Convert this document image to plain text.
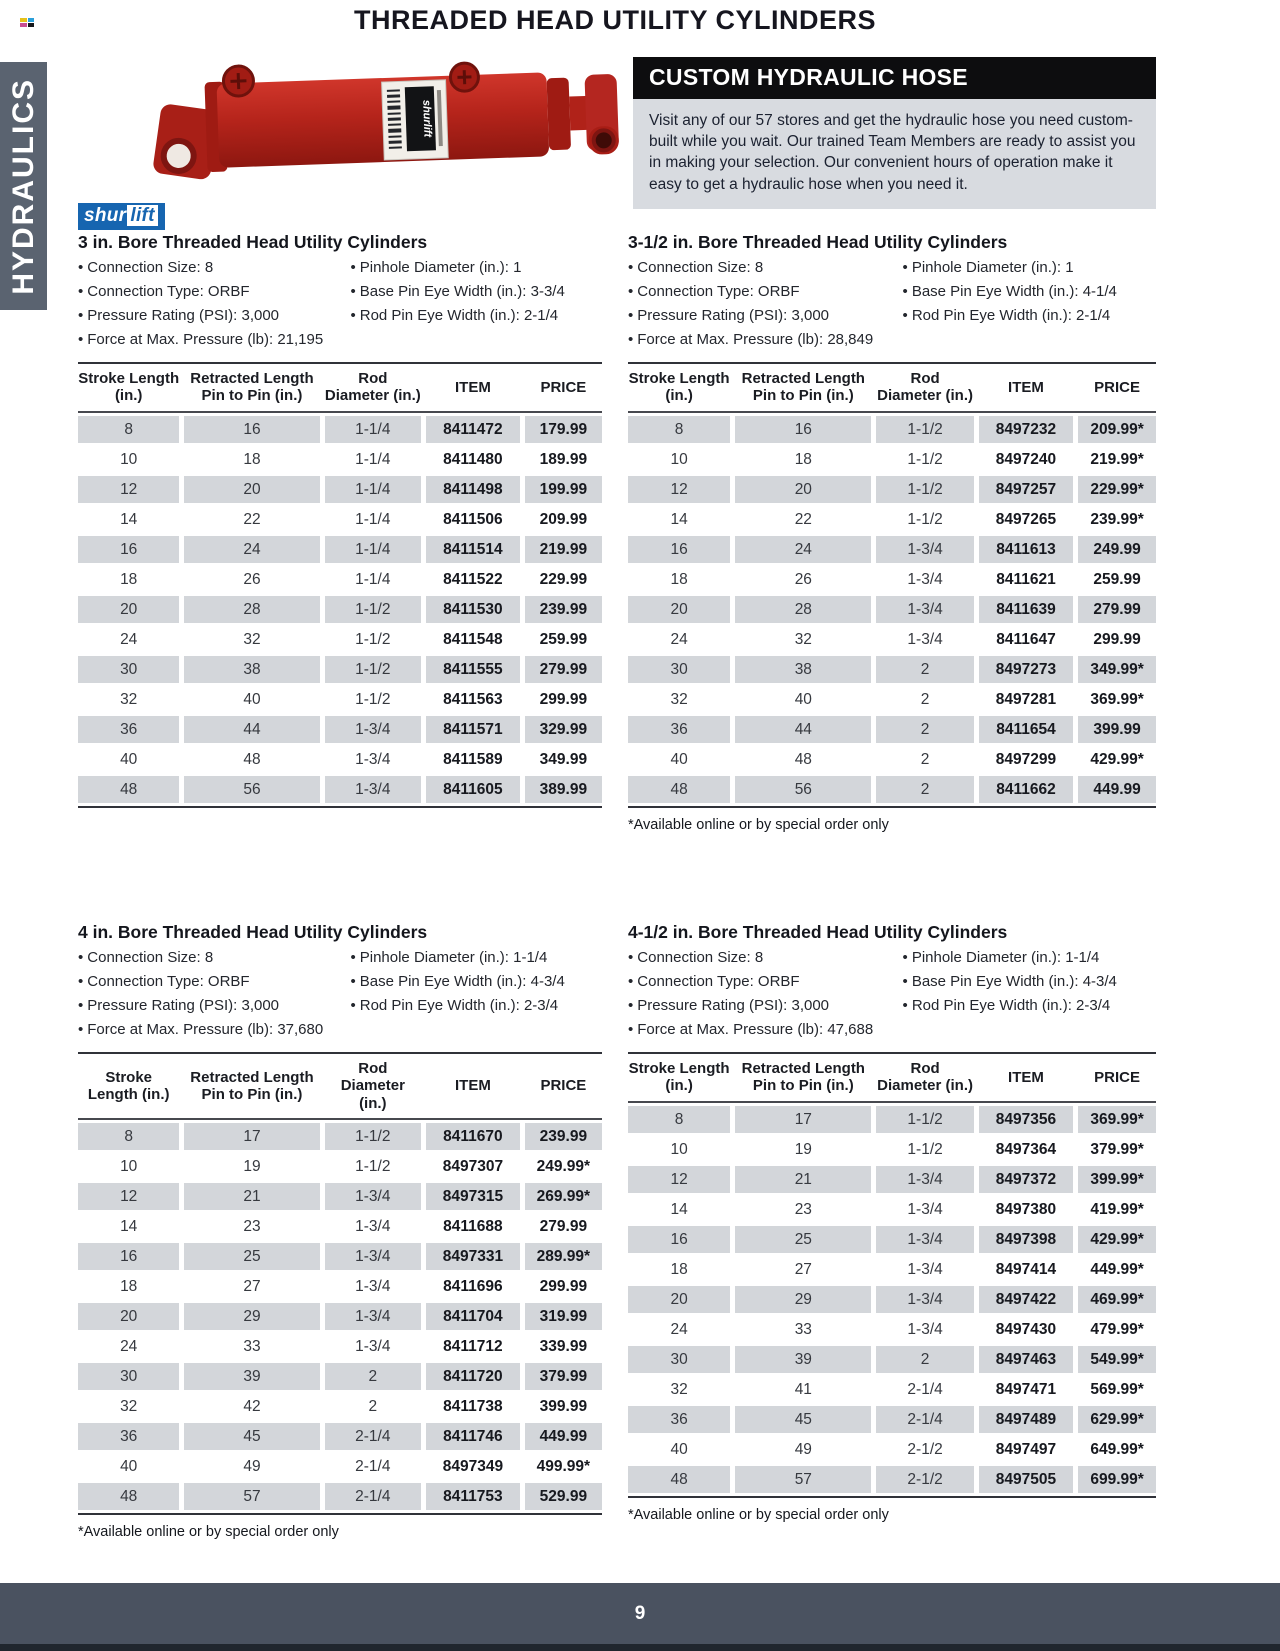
THREADED HEAD UTILITY CYLINDERS
HYDRAULICS	shurlift
CUSTOM HYDRAULIC HOSE
Visit any of our 57 stores and get the hydraulic hose you need custom-built while you wait. Our trained Team Members are ready to assist you in making your selection. Our convenient hours of operation make it easy to get a hydraulic hose when you need it.
shur lift
3 in. Bore Threaded Head Utility Cylinders
• Connection Size: 8
• Connection Type: ORBF
• Pressure Rating (PSI): 3,000
• Force at Max. Pressure (lb): 21,195
• Pinhole Diameter (in.): 1
• Base Pin Eye Width (in.): 3-3/4
• Rod Pin Eye Width (in.): 2-1/4
Stroke Length
(in.)
Retracted Length
Pin to Pin (in.)
Rod
Diameter (in.)
ITEM	PRICE
8	16	1-1/4	8411472	179.99
10	18	1-1/4	8411480	189.99
12	20	1-1/4	8411498	199.99
14	22	1-1/4	8411506	209.99
16	24	1-1/4	8411514	219.99
18	26	1-1/4	8411522	229.99
20	28	1-1/2	8411530	239.99
24	32	1-1/2	8411548	259.99
30	38	1-1/2	8411555	279.99
32	40	1-1/2	8411563	299.99
36	44	1-3/4	8411571	329.99
40	48	1-3/4	8411589	349.99
48	56	1-3/4	8411605	389.99
3-1/2 in. Bore Threaded Head Utility Cylinders
• Connection Size: 8
• Connection Type: ORBF
• Pressure Rating (PSI): 3,000
• Force at Max. Pressure (lb): 28,849
• Pinhole Diameter (in.): 1
• Base Pin Eye Width (in.): 4-1/4
• Rod Pin Eye Width (in.): 2-1/4
Stroke Length
(in.)
Retracted Length
Pin to Pin (in.)
Rod
Diameter (in.)
ITEM	PRICE
8	16	1-1/2	8497232	209.99*
10	18	1-1/2	8497240	219.99*
12	20	1-1/2	8497257	229.99*
14	22	1-1/2	8497265	239.99*
16	24	1-3/4	8411613	249.99
18	26	1-3/4	8411621	259.99
20	28	1-3/4	8411639	279.99
24	32	1-3/4	8411647	299.99
30	38	2	8497273	349.99*
32	40	2	8497281	369.99*
36	44	2	8411654	399.99
40	48	2	8497299	429.99*
48	56	2	8411662	449.99
*Available online or by special order only
4 in. Bore Threaded Head Utility Cylinders
• Connection Size: 8
• Connection Type: ORBF
• Pressure Rating (PSI): 3,000
• Force at Max. Pressure (lb): 37,680
• Pinhole Diameter (in.): 1-1/4
• Base Pin Eye Width (in.): 4-3/4
• Rod Pin Eye Width (in.): 2-3/4
Stroke
Length (in.)
Retracted Length
Pin to Pin (in.)
Rod Diameter
(in.)
ITEM	PRICE
8	17	1-1/2	8411670	239.99
10	19	1-1/2	8497307	249.99*
12	21	1-3/4	8497315	269.99*
14	23	1-3/4	8411688	279.99
16	25	1-3/4	8497331	289.99*
18	27	1-3/4	8411696	299.99
20	29	1-3/4	8411704	319.99
24	33	1-3/4	8411712	339.99
30	39	2	8411720	379.99
32	42	2	8411738	399.99
36	45	2-1/4	8411746	449.99
40	49	2-1/4	8497349	499.99*
48	57	2-1/4	8411753	529.99
*Available online or by special order only
4-1/2 in. Bore Threaded Head Utility Cylinders
• Connection Size: 8
• Connection Type: ORBF
• Pressure Rating (PSI): 3,000
• Force at Max. Pressure (lb): 47,688
• Pinhole Diameter (in.): 1-1/4
• Base Pin Eye Width (in.): 4-3/4
• Rod Pin Eye Width (in.): 2-3/4
Stroke Length
(in.)
Retracted Length
Pin to Pin (in.)
Rod
Diameter (in.)
ITEM	PRICE
8	17	1-1/2	8497356	369.99*
10	19	1-1/2	8497364	379.99*
12	21	1-3/4	8497372	399.99*
14	23	1-3/4	8497380	419.99*
16	25	1-3/4	8497398	429.99*
18	27	1-3/4	8497414	449.99*
20	29	1-3/4	8497422	469.99*
24	33	1-3/4	8497430	479.99*
30	39	2	8497463	549.99*
32	41	2-1/4	8497471	569.99*
36	45	2-1/4	8497489	629.99*
40	49	2-1/2	8497497	649.99*
48	57	2-1/2	8497505	699.99*
*Available online or by special order only
9
